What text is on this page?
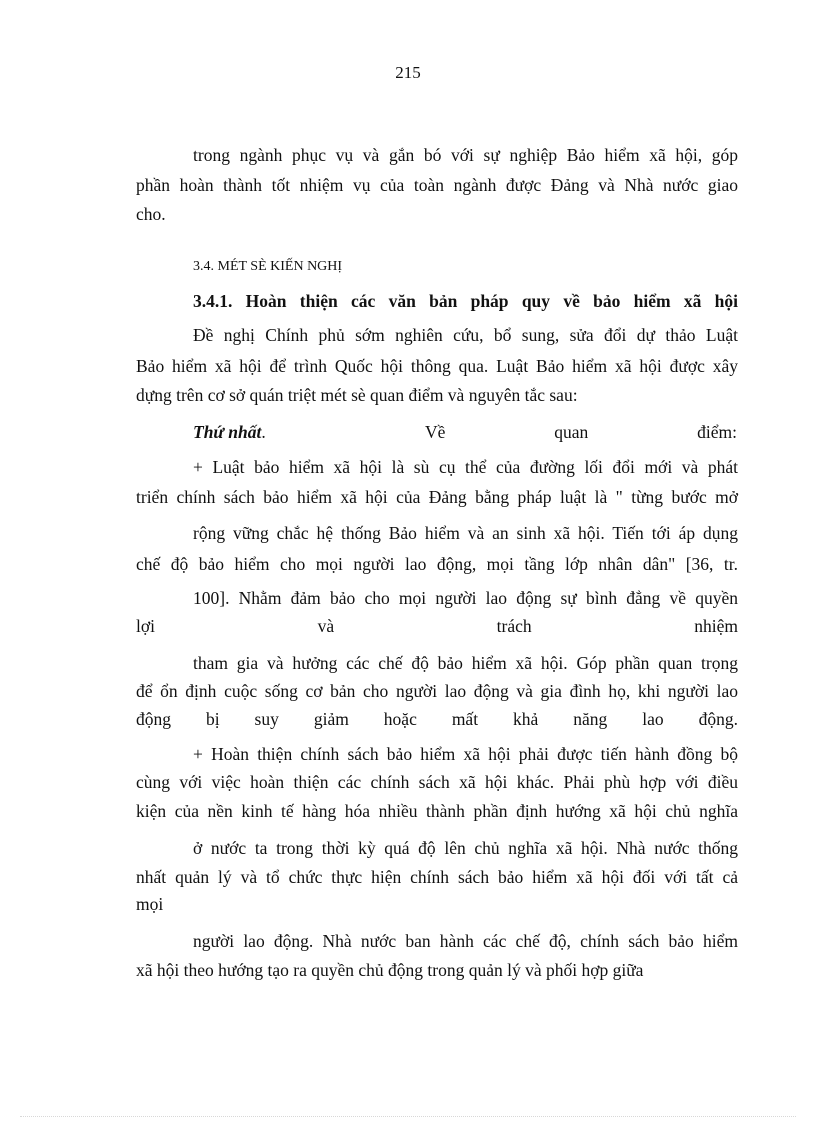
215
trong ngành phục vụ và gắn bó với sự nghiệp Bảo hiểm xã hội, góp
phần hoàn thành tốt nhiệm vụ của toàn ngành được Đảng và Nhà nước giao
cho.
3.4. MÉT SÈ KIẾN NGHỊ
3.4.1. Hoàn thiện các văn bản pháp quy về bảo hiểm xã hội
Đề nghị Chính phủ sớm nghiên cứu, bổ sung, sửa đổi dự thảo Luật
Bảo hiểm xã hội để trình Quốc hội thông qua. Luật Bảo hiểm xã hội được xây
dựng trên cơ sở quán triệt mét sè quan điểm và nguyên tắc sau:
Thứ nhất.	Về quan điểm:
+ Luật bảo hiểm xã hội là sù cụ thể của đường lối đổi mới và phát
triển chính sách bảo hiểm xã hội của Đảng bằng pháp luật là " từng bước mở
rộng vững chắc hệ thống Bảo hiểm và an sinh xã hội. Tiến tới áp dụng
chế độ bảo hiểm cho mọi người lao động, mọi tầng lớp nhân dân" [36, tr.
100]. Nhằm đảm bảo cho mọi người lao động sự bình đẳng về quyền
lợi và trách nhiệm
tham gia và hưởng các chế độ bảo hiểm xã hội. Góp phần quan trọng
để ổn định cuộc sống cơ bản cho người lao động và gia đình họ, khi người lao
động bị suy giảm hoặc mất khả năng lao động.
+ Hoàn thiện chính sách bảo hiểm xã hội phải được tiến hành đồng bộ
cùng với việc hoàn thiện các chính sách xã hội khác. Phải phù hợp với điều
kiện của nền kinh tế hàng hóa nhiều thành phần định hướng xã hội chủ nghĩa
ở nước ta trong thời kỳ quá độ lên chủ nghĩa xã hội. Nhà nước thống
nhất quản lý và tổ chức thực hiện chính sách bảo hiểm xã hội đối với tất cả
mọi
người lao động. Nhà nước ban hành các chế độ, chính sách bảo hiểm
xã hội theo hướng tạo ra quyền chủ động trong quản lý và phối hợp giữa
